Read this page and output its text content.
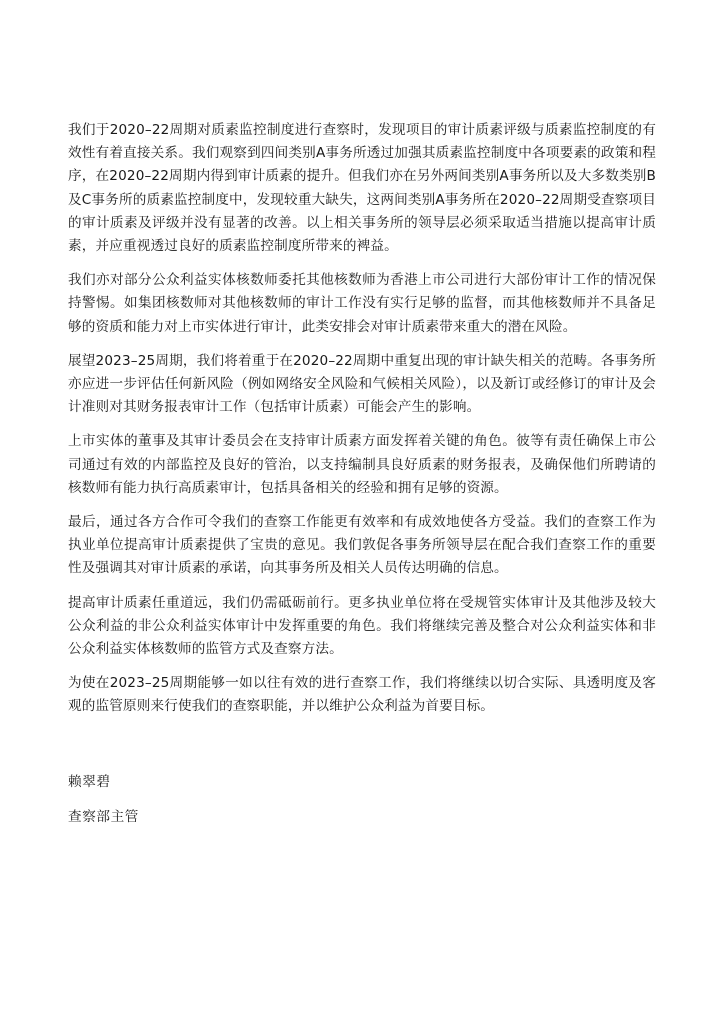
我们于2020–22周期对质素监控制度进行查察时，发现项目的审计质素评级与质素监控制度的有效性有着直接关系。我们观察到四间类别A事务所透过加强其质素监控制度中各项要素的政策和程序，在2020–22周期内得到审计质素的提升。但我们亦在另外两间类别A事务所以及大多数类别B及C事务所的质素监控制度中，发现较重大缺失，这两间类别A事务所在2020–22周期受查察项目的审计质素及评级并没有显著的改善。以上相关事务所的领导层必须采取适当措施以提高审计质素，并应重视透过良好的质素监控制度所带来的裨益。

我们亦对部分公众利益实体核数师委托其他核数师为香港上市公司进行大部份审计工作的情况保持警惕。如集团核数师对其他核数师的审计工作没有实行足够的监督，而其他核数师并不具备足够的资质和能力对上市实体进行审计，此类安排会对审计质素带来重大的潜在风险。

展望2023–25周期，我们将着重于在2020–22周期中重复出现的审计缺失相关的范畴。各事务所亦应进一步评估任何新风险（例如网络安全风险和气候相关风险），以及新订或经修订的审计及会计准则对其财务报表审计工作（包括审计质素）可能会产生的影响。

上市实体的董事及其审计委员会在支持审计质素方面发挥着关键的角色。彼等有责任确保上市公司通过有效的内部监控及良好的管治，以支持编制具良好质素的财务报表，及确保他们所聘请的核数师有能力执行高质素审计，包括具备相关的经验和拥有足够的资源。

最后，通过各方合作可令我们的查察工作能更有效率和有成效地使各方受益。我们的查察工作为执业单位提高审计质素提供了宝贵的意见。我们敦促各事务所领导层在配合我们查察工作的重要性及强调其对审计质素的承诺，向其事务所及相关人员传达明确的信息。

提高审计质素任重道远，我们仍需砥砺前行。更多执业单位将在受规管实体审计及其他涉及较大公众利益的非公众利益实体审计中发挥重要的角色。我们将继续完善及整合对公众利益实体和非公众利益实体核数师的监管方式及查察方法。

为使在2023–25周期能够一如以往有效的进行查察工作，我们将继续以切合实际、具透明度及客观的监管原则来行使我们的查察职能，并以维护公众利益为首要目标。

赖翠碧

查察部主管
